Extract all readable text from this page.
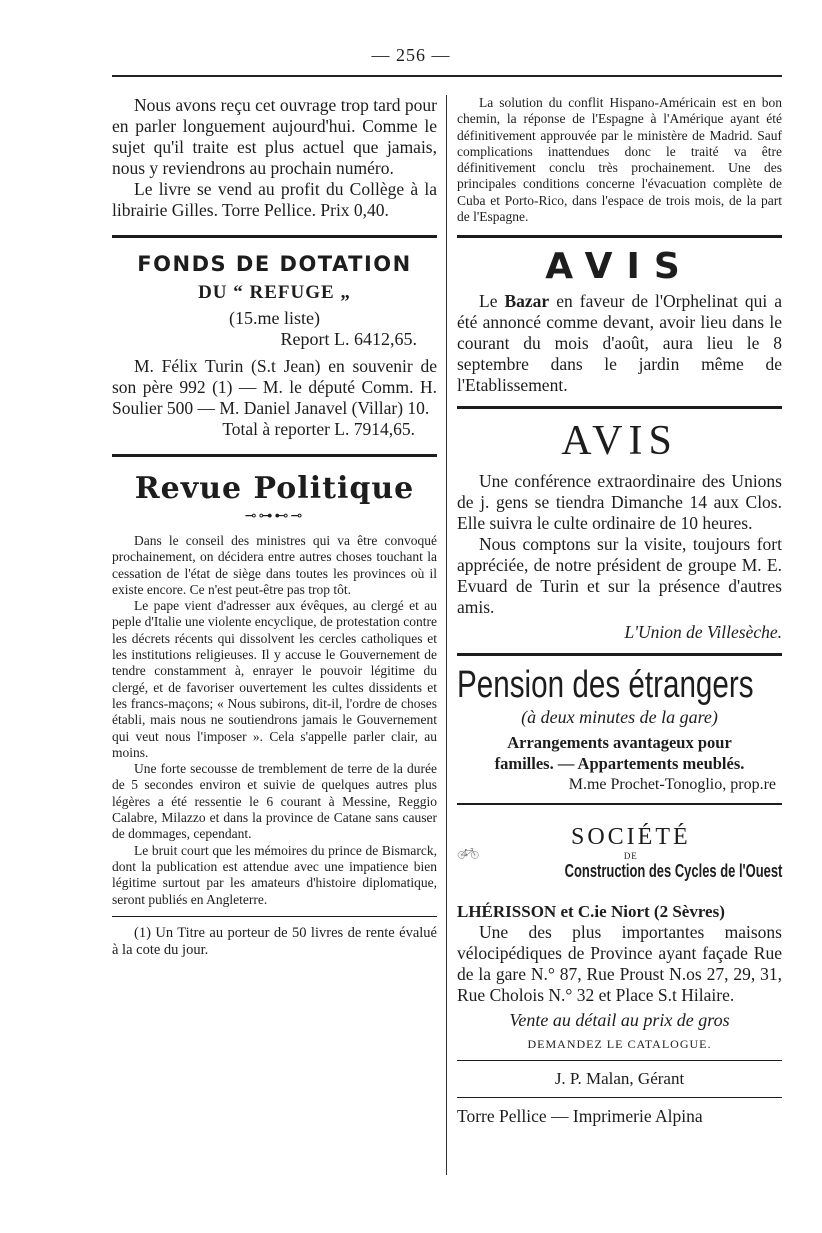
— 256 —

Nous avons reçu cet ouvrage trop tard pour en parler longuement aujourd'hui. Comme le sujet qu'il traite est plus actuel que jamais, nous y reviendrons au prochain numéro.

Le livre se vend au profit du Collège à la librairie Gilles. Torre Pellice. Prix 0,40.

FONDS DE DOTATION
DU “ REFUGE „

(15.me liste)

Report L. 6412,65.

M. Félix Turin (S.t Jean) en souvenir de son père 992 (1) — M. le député Comm. H. Soulier 500 — M. Daniel Janavel (Villar) 10.

Total à reporter L. 7914,65.

Revue Politique
⊸⊶⊷⊸

Dans le conseil des ministres qui va être convoqué prochainement, on décidera entre autres choses touchant la cessation de l'état de siège dans toutes les provinces où il existe encore. Ce n'est peut-être pas trop tôt.

Le pape vient d'adresser aux évêques, au clergé et au peple d'Italie une violente encyclique, de protestation contre les décrets récents qui dissolvent les cercles catholiques et les institutions religieuses. Il y accuse le Gouvernement de tendre constamment à, enrayer le pouvoir légitime du clergé, et de favoriser ouvertement les cultes dissidents et les francs-maçons; « Nous subirons, dit-il, l'ordre de choses établi, mais nous ne soutiendrons jamais le Gouvernement qui veut nous l'imposer ». Cela s'appelle parler clair, au moins.

Une forte secousse de tremblement de terre de la durée de 5 secondes environ et suivie de quelques autres plus légères a été ressentie le 6 courant à Messine, Reggio Calabre, Milazzo et dans la province de Catane sans causer de dommages, cependant.

Le bruit court que les mémoires du prince de Bismarck, dont la publication est attendue avec une impatience bien légitime surtout par les amateurs d'histoire diplomatique, seront publiés en Angleterre.

(1) Un Titre au porteur de 50 livres de rente évalué à la cote du jour.

La solution du conflit Hispano-Américain est en bon chemin, la réponse de l'Espagne à l'Amérique ayant été définitivement approuvée par le ministère de Madrid. Sauf complications inattendues donc le traité va être définitivement conclu très prochainement. Une des principales conditions concerne l'évacuation complète de Cuba et Porto-Rico, dans l'espace de trois mois, de la part de l'Espagne.

AVIS

Le Bazar en faveur de l'Orphelinat qui a été annoncé comme devant, avoir lieu dans le courant du mois d'août, aura lieu le 8 septembre dans le jardin même de l'Etablissement.

AVIS

Une conférence extraordinaire des Unions de j. gens se tiendra Dimanche 14 aux Clos. Elle suivra le culte ordinaire de 10 heures.

Nous comptons sur la visite, toujours fort appréciée, de notre président de groupe M. E. Evuard de Turin et sur la présence d'autres amis.

L'Union de Villesèche.
Pension des étrangers

(à deux minutes de la gare)

Arrangements avantageux pour

familles. — Appartements meublés.

M.me Prochet-Tonoglio, prop.re

SOCIÉTÉ
DE
Construction des Cycles de l'Ouest

LHÉRISSON et C.ie Niort (2 Sèvres)

Une des plus importantes maisons vélocipédiques de Province ayant façade Rue de la gare N.° 87, Rue Proust N.os 27, 29, 31, Rue Cholois N.° 32 et Place S.t Hilaire.

Vente au détail au prix de gros

DEMANDEZ LE CATALOGUE.
J. P. Malan, Gérant
Torre Pellice — Imprimerie Alpina
